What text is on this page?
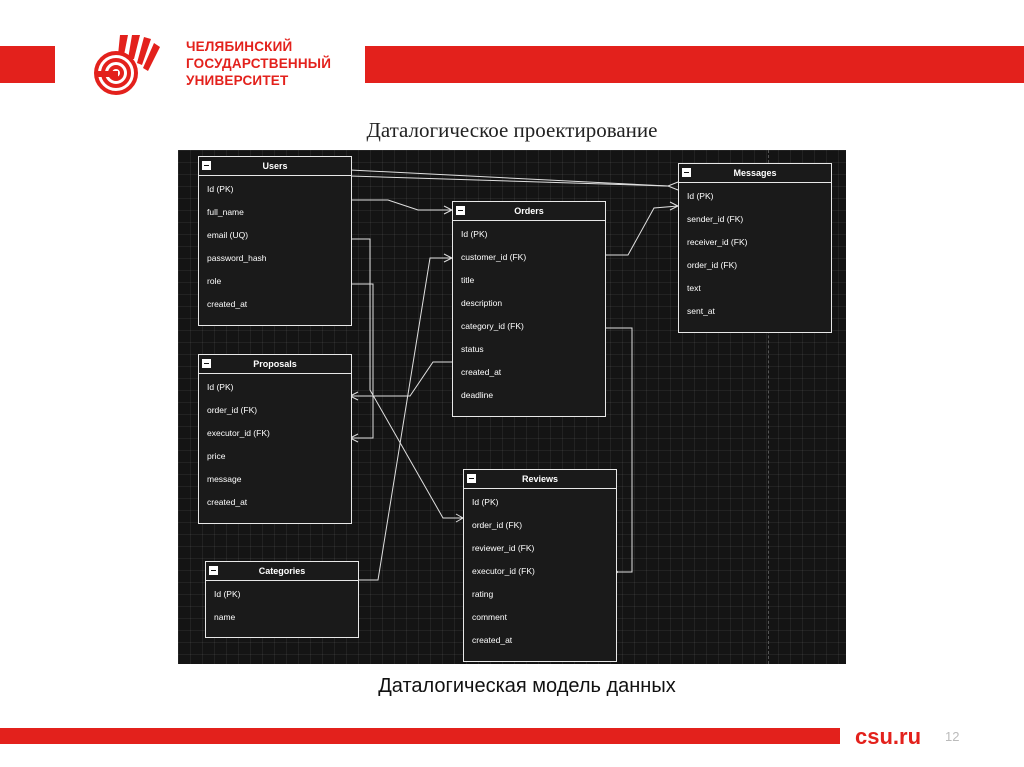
ЧЕЛЯБИНСКИЙ
ГОСУДАРСТВЕННЫЙ
УНИВЕРСИТЕТ
Даталогическое проектирование
Users
Id (PK)
full_name
email (UQ)
password_hash
role
created_at
Orders
Id (PK)
customer_id (FK)
title
description
category_id (FK)
status
created_at
deadline
Messages
Id (PK)
sender_id (FK)
receiver_id (FK)
order_id (FK)
text
sent_at
Proposals
Id (PK)
order_id (FK)
executor_id (FK)
price
message
created_at
Reviews
Id (PK)
order_id (FK)
reviewer_id (FK)
executor_id (FK)
rating
comment
created_at
Categories
Id (PK)
name
Даталогическая модель данных
csu.ru 12
